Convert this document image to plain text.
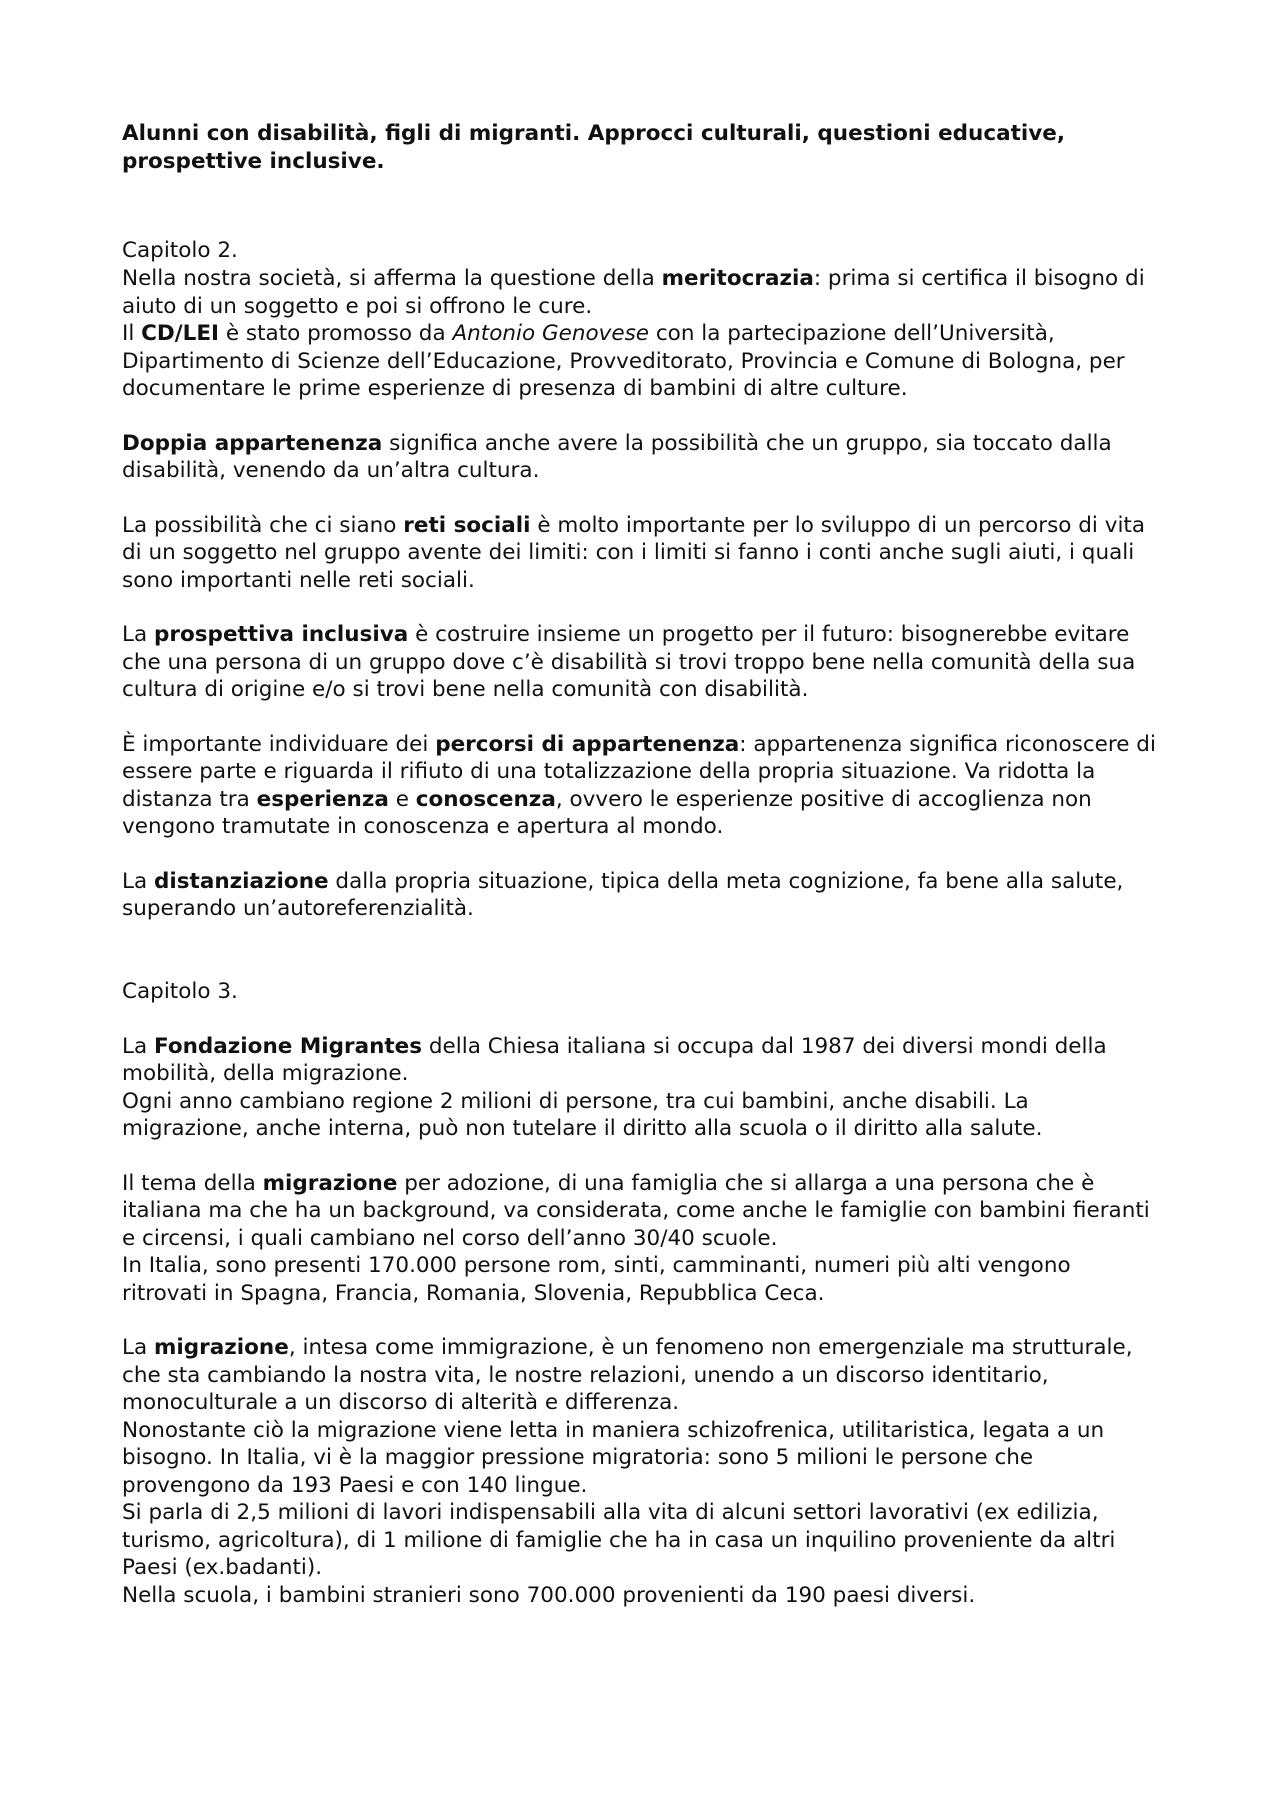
Alunni con disabilità, figli di migranti. Approcci culturali, questioni educative, prospettive inclusive.
Capitolo 2.

Nella nostra società, si afferma la questione della meritocrazia: prima si certifica il bisogno di aiuto di un soggetto e poi si offrono le cure.

Il CD/LEI è stato promosso da Antonio Genovese con la partecipazione dell’Università, Dipartimento di Scienze dell’Educazione, Provveditorato, Provincia e Comune di Bologna, per documentare le prime esperienze di presenza di bambini di altre culture.

Doppia appartenenza significa anche avere la possibilità che un gruppo, sia toccato dalla disabilità, venendo da un’altra cultura.

La possibilità che ci siano reti sociali è molto importante per lo sviluppo di un percorso di vita di un soggetto nel gruppo avente dei limiti: con i limiti si fanno i conti anche sugli aiuti, i quali sono importanti nelle reti sociali.

La prospettiva inclusiva è costruire insieme un progetto per il futuro: bisognerebbe evitare che una persona di un gruppo dove c’è disabilità si trovi troppo bene nella comunità della sua cultura di origine e/o si trovi bene nella comunità con disabilità.

È importante individuare dei percorsi di appartenenza: appartenenza significa riconoscere di essere parte e riguarda il rifiuto di una totalizzazione della propria situazione. Va ridotta la distanza tra esperienza e conoscenza, ovvero le esperienze positive di accoglienza non vengono tramutate in conoscenza e apertura al mondo.

La distanziazione dalla propria situazione, tipica della meta cognizione, fa bene alla salute, superando un’autoreferenzialità.

Capitolo 3.

La Fondazione Migrantes della Chiesa italiana si occupa dal 1987 dei diversi mondi della mobilità, della migrazione.

Ogni anno cambiano regione 2 milioni di persone, tra cui bambini, anche disabili. La migrazione, anche interna, può non tutelare il diritto alla scuola o il diritto alla salute.

Il tema della migrazione per adozione, di una famiglia che si allarga a una persona che è italiana ma che ha un background, va considerata, come anche le famiglie con bambini fieranti e circensi, i quali cambiano nel corso dell’anno 30/40 scuole.

In Italia, sono presenti 170.000 persone rom, sinti, camminanti, numeri più alti vengono ritrovati in Spagna, Francia, Romania, Slovenia, Repubblica Ceca.

La migrazione, intesa come immigrazione, è un fenomeno non emergenziale ma strutturale, che sta cambiando la nostra vita, le nostre relazioni, unendo a un discorso identitario, monoculturale a un discorso di alterità e differenza.

Nonostante ciò la migrazione viene letta in maniera schizofrenica, utilitaristica, legata a un bisogno. In Italia, vi è la maggior pressione migratoria: sono 5 milioni le persone che provengono da 193 Paesi e con 140 lingue.

Si parla di 2,5 milioni di lavori indispensabili alla vita di alcuni settori lavorativi (ex edilizia, turismo, agricoltura), di 1 milione di famiglie che ha in casa un inquilino proveniente da altri Paesi (ex.badanti).

Nella scuola, i bambini stranieri sono 700.000 provenienti da 190 paesi diversi.
